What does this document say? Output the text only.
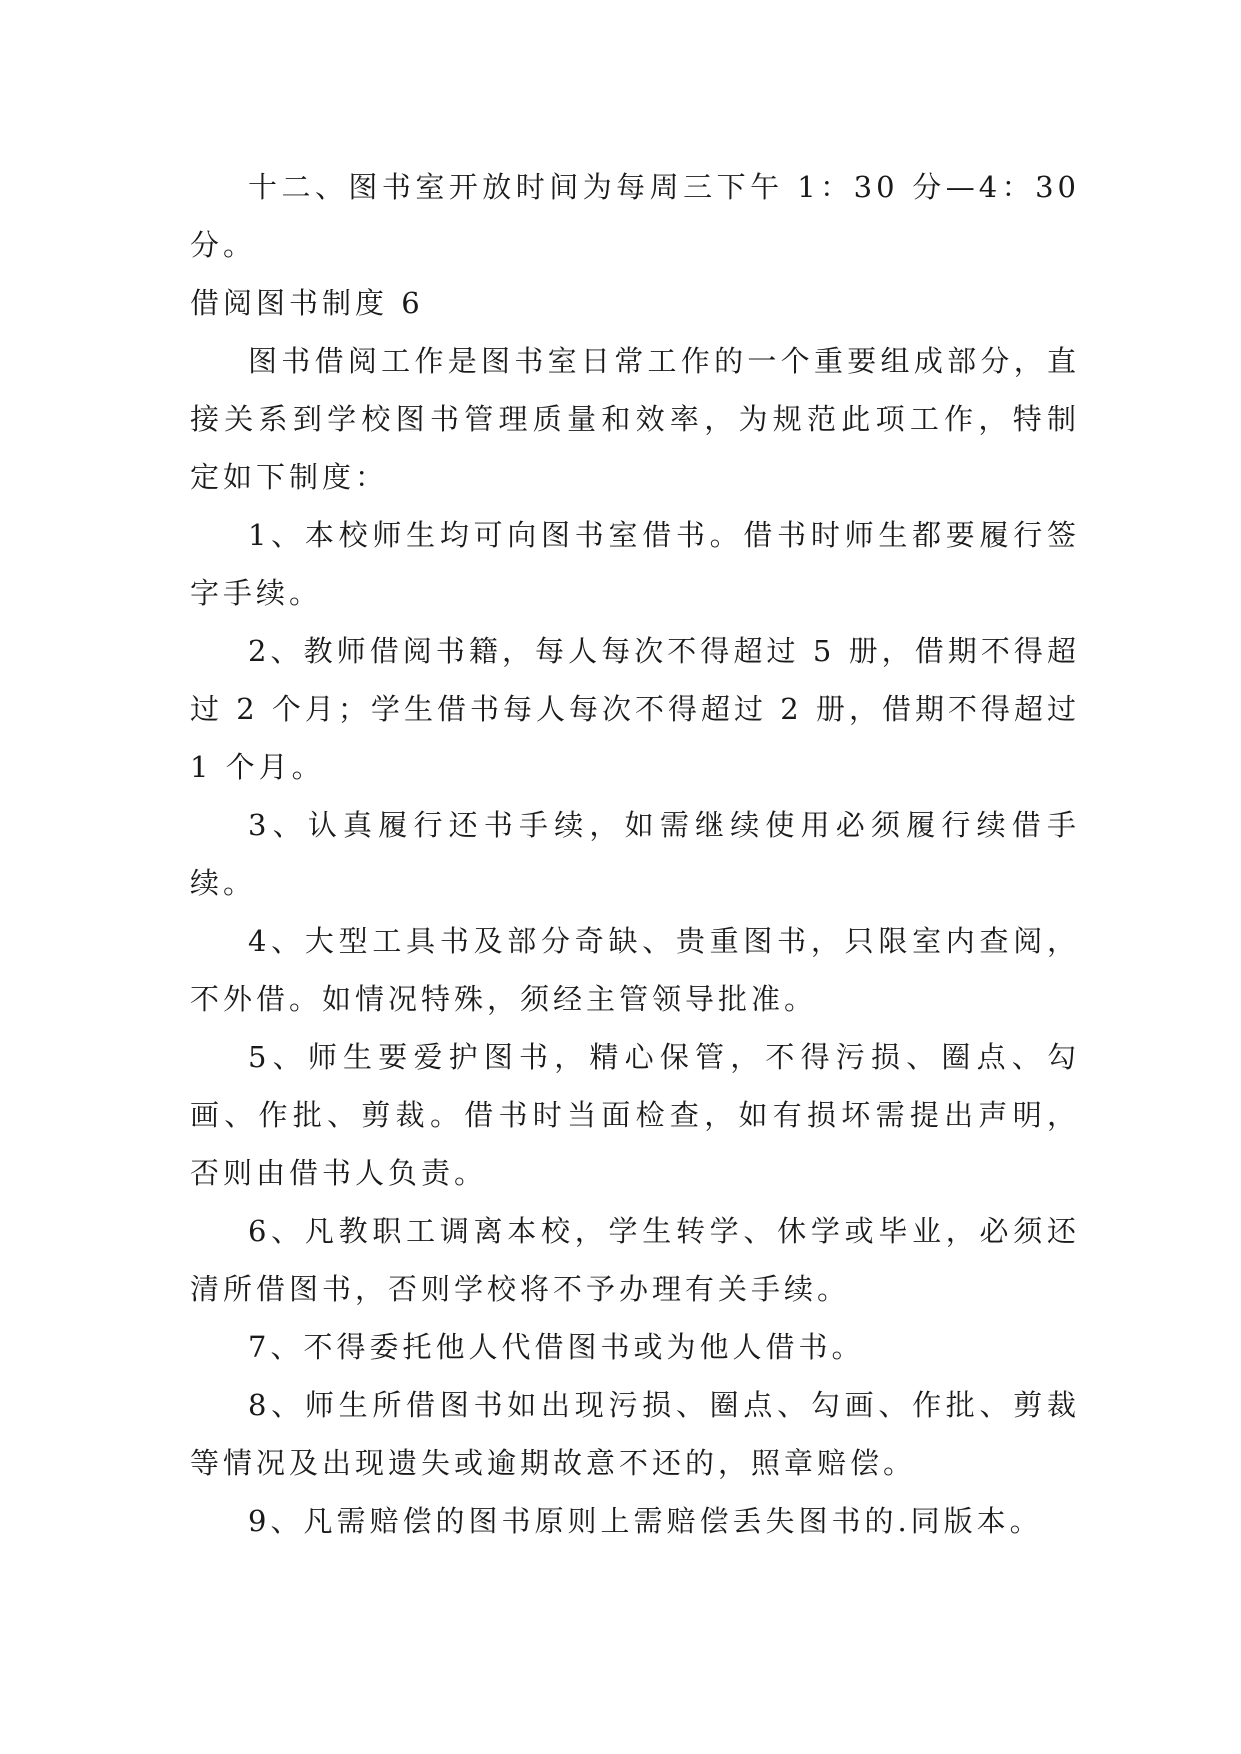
十二、图书室开放时间为每周三下午 1：30 分—4：30 分。

借阅图书制度 6

图书借阅工作是图书室日常工作的一个重要组成部分，直接关系到学校图书管理质量和效率，为规范此项工作，特制定如下制度：

1、本校师生均可向图书室借书。借书时师生都要履行签字手续。

2、教师借阅书籍，每人每次不得超过 5 册，借期不得超过 2 个月；学生借书每人每次不得超过 2 册，借期不得超过 1 个月。

3、认真履行还书手续，如需继续使用必须履行续借手续。

4、大型工具书及部分奇缺、贵重图书，只限室内查阅，不外借。如情况特殊，须经主管领导批准。

5、师生要爱护图书，精心保管，不得污损、圈点、勾画、作批、剪裁。借书时当面检查，如有损坏需提出声明，否则由借书人负责。

6、凡教职工调离本校，学生转学、休学或毕业，必须还清所借图书，否则学校将不予办理有关手续。

7、不得委托他人代借图书或为他人借书。

8、师生所借图书如出现污损、圈点、勾画、作批、剪裁等情况及出现遗失或逾期故意不还的，照章赔偿。

9、凡需赔偿的图书原则上需赔偿丢失图书的.同版本。
